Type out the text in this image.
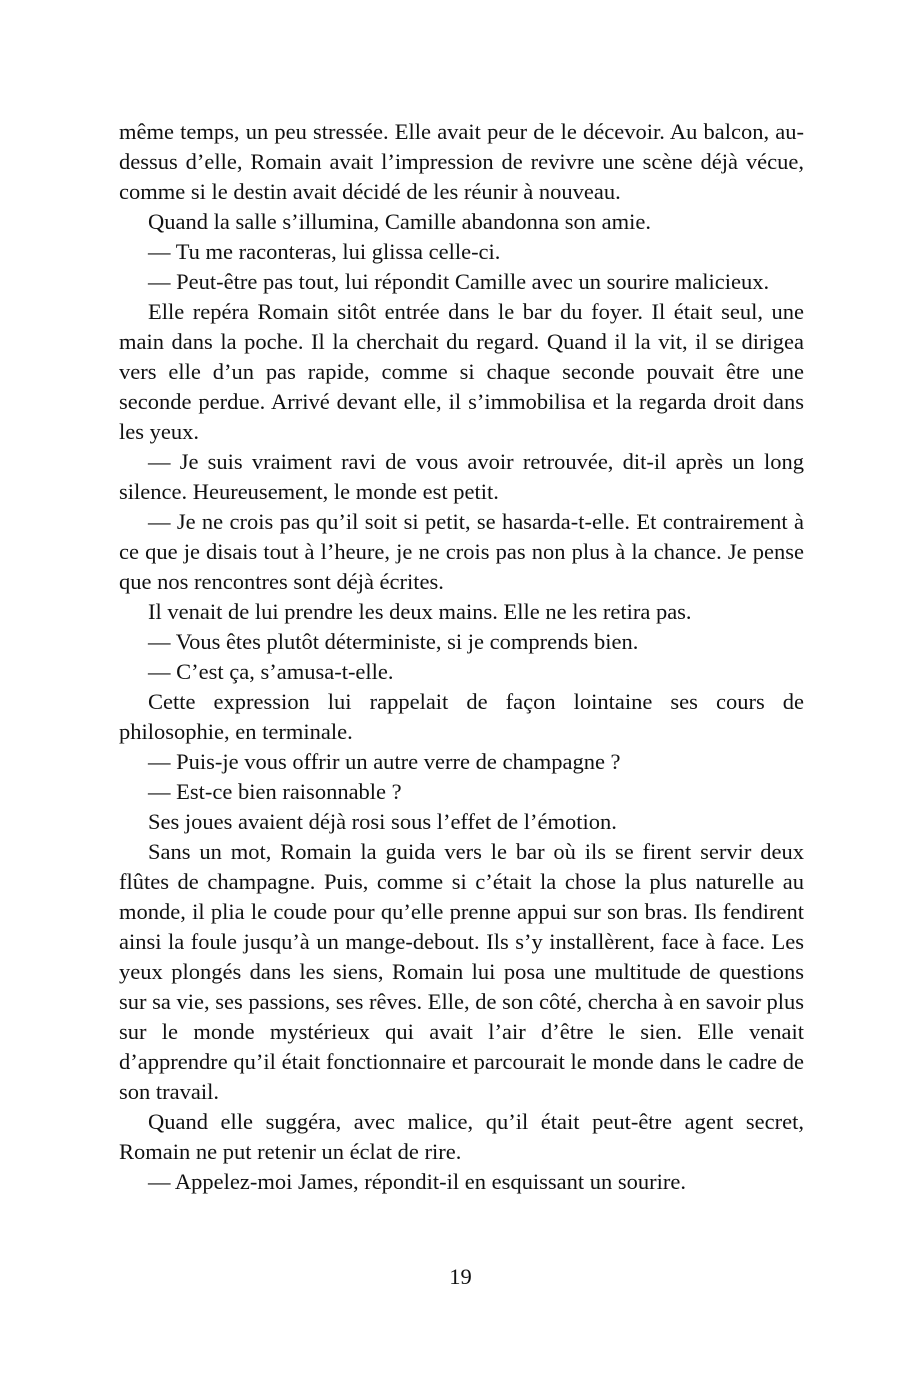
même temps, un peu stressée. Elle avait peur de le décevoir. Au balcon, au-dessus d’elle, Romain avait l’impression de revivre une scène déjà vécue, comme si le destin avait décidé de les réunir à nouveau.

Quand la salle s’illumina, Camille abandonna son amie.

— Tu me raconteras, lui glissa celle-ci.

— Peut-être pas tout, lui répondit Camille avec un sourire malicieux.

Elle repéra Romain sitôt entrée dans le bar du foyer. Il était seul, une main dans la poche. Il la cherchait du regard. Quand il la vit, il se dirigea vers elle d’un pas rapide, comme si chaque seconde pouvait être une seconde perdue. Arrivé devant elle, il s’immobilisa et la regarda droit dans les yeux.

— Je suis vraiment ravi de vous avoir retrouvée, dit-il après un long silence. Heureusement, le monde est petit.

— Je ne crois pas qu’il soit si petit, se hasarda-t-elle. Et contrairement à ce que je disais tout à l’heure, je ne crois pas non plus à la chance. Je pense que nos rencontres sont déjà écrites.

Il venait de lui prendre les deux mains. Elle ne les retira pas.

— Vous êtes plutôt déterministe, si je comprends bien.

— C’est ça, s’amusa-t-elle.

Cette expression lui rappelait de façon lointaine ses cours de philosophie, en terminale.

— Puis-je vous offrir un autre verre de champagne ?

— Est-ce bien raisonnable ?

Ses joues avaient déjà rosi sous l’effet de l’émotion.

Sans un mot, Romain la guida vers le bar où ils se firent servir deux flûtes de champagne. Puis, comme si c’était la chose la plus naturelle au monde, il plia le coude pour qu’elle prenne appui sur son bras. Ils fendirent ainsi la foule jusqu’à un mange-debout. Ils s’y installèrent, face à face. Les yeux plongés dans les siens, Romain lui posa une multitude de questions sur sa vie, ses passions, ses rêves. Elle, de son côté, chercha à en savoir plus sur le monde mystérieux qui avait l’air d’être le sien. Elle venait d’apprendre qu’il était fonctionnaire et parcourait le monde dans le cadre de son travail.

Quand elle suggéra, avec malice, qu’il était peut-être agent secret, Romain ne put retenir un éclat de rire.

— Appelez-moi James, répondit-il en esquissant un sourire.

19
